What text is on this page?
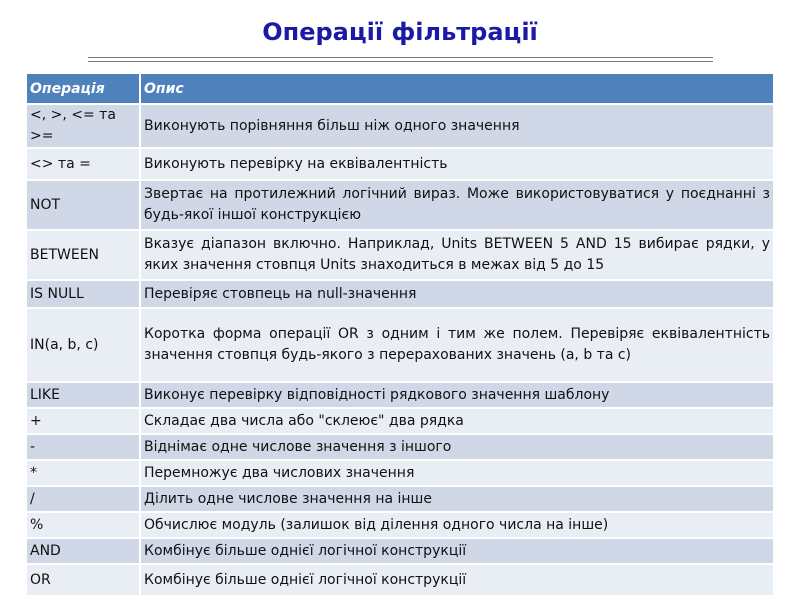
Операції фільтрації
Операція	Опис
<, >, <= та >=	Виконують порівняння більш ніж одного значення
<> та =	Виконують перевірку на еквівалентність
NOT	Звертає на протилежний логічний вираз. Може використовуватися у поєднанні з будь-якої іншої конструкцією
BETWEEN	Вказує діапазон включно. Наприклад, Units BETWEEN 5 AND 15 вибирає рядки, у яких значення стовпця Units знаходиться в межах від 5 до 15
IS NULL	Перевіряє стовпець на null-значення
IN(a, b, c)	Коротка форма операції OR з одним і тим же полем. Перевіряє еквівалентність значення стовпця будь-якого з перерахованих значень (a, b та c)
LIKE	Виконує перевірку відповідності рядкового значення шаблону
+	Складає два числа або "склеює" два рядка
-	Віднімає одне числове значення з іншого
*	Перемножує два числових значення
/	Ділить одне числове значення на інше
%	Обчислює модуль (залишок від ділення одного числа на інше)
AND	Комбінує більше однієї логічної конструкції
OR	Комбінує більше однієї логічної конструкції
